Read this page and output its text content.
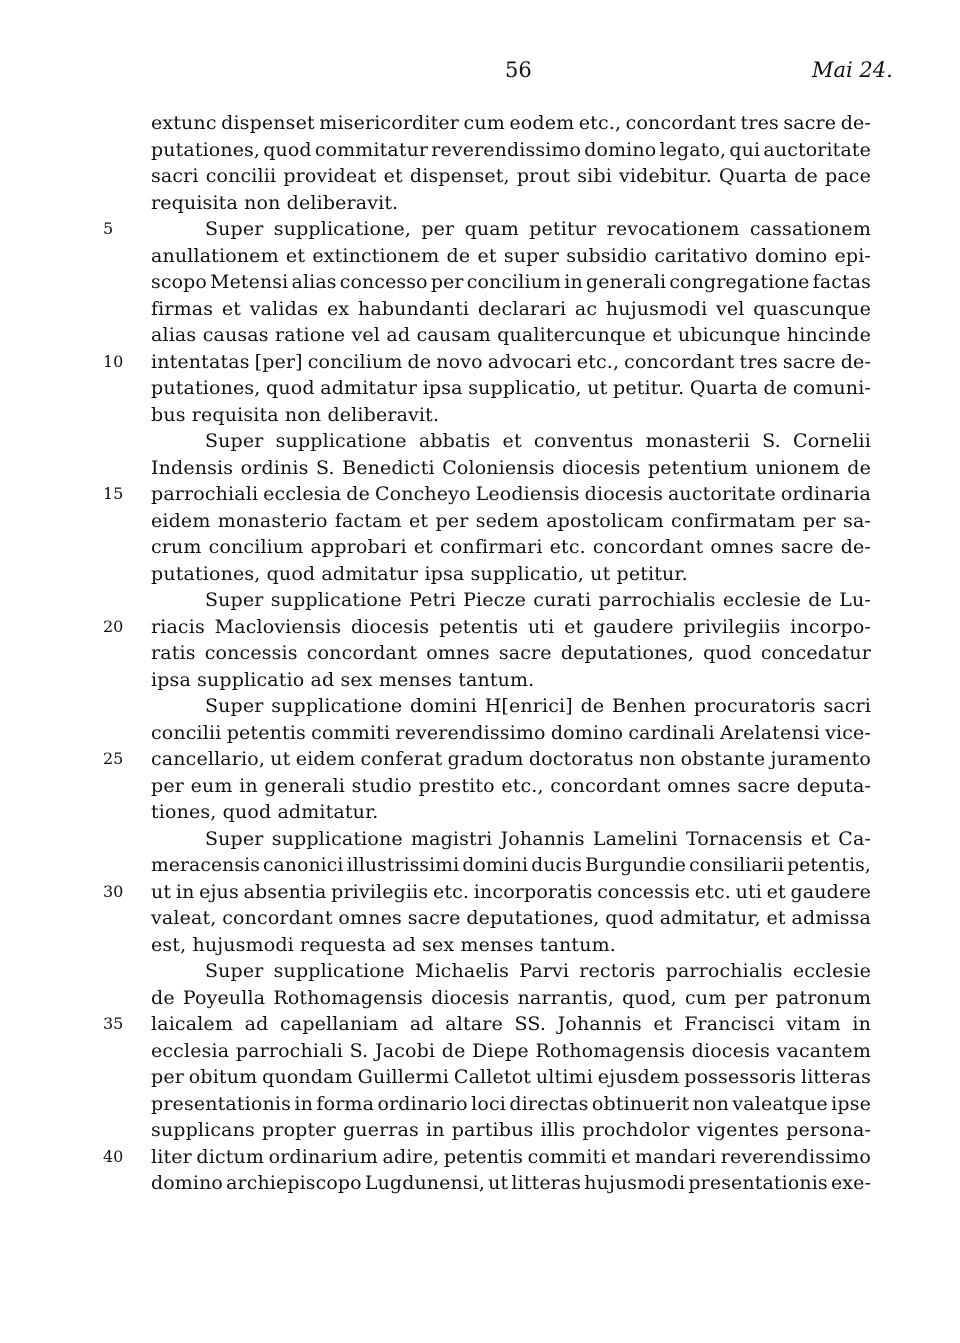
56	Mai 24.
extunc dispenset misericorditer cum eodem etc., concordant tres sacre de-
putationes, quod commitatur reverendissimo domino legato, qui auctoritate
sacri concilii provideat et dispenset, prout sibi videbitur. Quarta de pace
requisita non deliberavit.
Super supplicatione, per quam petitur revocationem cassationem
anullationem et extinctionem de et super subsidio caritativo domino epi-
scopo Metensi alias concesso per concilium in generali congregatione factas
firmas et validas ex habundanti declarari ac hujusmodi vel quascunque
alias causas ratione vel ad causam qualitercunque et ubicunque hincinde
intentatas [per] concilium de novo advocari etc., concordant tres sacre de-
putationes, quod admitatur ipsa supplicatio, ut petitur. Quarta de comuni-
bus requisita non deliberavit.
Super supplicatione abbatis et conventus monasterii S. Cornelii
Indensis ordinis S. Benedicti Coloniensis diocesis petentium unionem de
parrochiali ecclesia de Concheyo Leodiensis diocesis auctoritate ordinaria
eidem monasterio factam et per sedem apostolicam confirmatam per sa-
crum concilium approbari et confirmari etc. concordant omnes sacre de-
putationes, quod admitatur ipsa supplicatio, ut petitur.
Super supplicatione Petri Piecze curati parrochialis ecclesie de Lu-
riacis Macloviensis diocesis petentis uti et gaudere privilegiis incorpo-
ratis concessis concordant omnes sacre deputationes, quod concedatur
ipsa supplicatio ad sex menses tantum.
Super supplicatione domini H[enrici] de Benhen procuratoris sacri
concilii petentis commiti reverendissimo domino cardinali Arelatensi vice-
cancellario, ut eidem conferat gradum doctoratus non obstante juramento
per eum in generali studio prestito etc., concordant omnes sacre deputa-
tiones, quod admitatur.
Super supplicatione magistri Johannis Lamelini Tornacensis et Ca-
meracensis canonici illustrissimi domini ducis Burgundie consiliarii petentis,
ut in ejus absentia privilegiis etc. incorporatis concessis etc. uti et gaudere
valeat, concordant omnes sacre deputationes, quod admitatur, et admissa
est, hujusmodi requesta ad sex menses tantum.
Super supplicatione Michaelis Parvi rectoris parrochialis ecclesie
de Poyeulla Rothomagensis diocesis narrantis, quod, cum per patronum
laicalem ad capellaniam ad altare SS. Johannis et Francisci vitam in
ecclesia parrochiali S. Jacobi de Diepe Rothomagensis diocesis vacantem
per obitum quondam Guillermi Calletot ultimi ejusdem possessoris litteras
presentationis in forma ordinario loci directas obtinuerit non valeatque ipse
supplicans propter guerras in partibus illis prochdolor vigentes persona-
liter dictum ordinarium adire, petentis commiti et mandari reverendissimo
domino archiepiscopo Lugdunensi, ut litteras hujusmodi presentationis exe-
5
10
15
20
25
30
35
40
